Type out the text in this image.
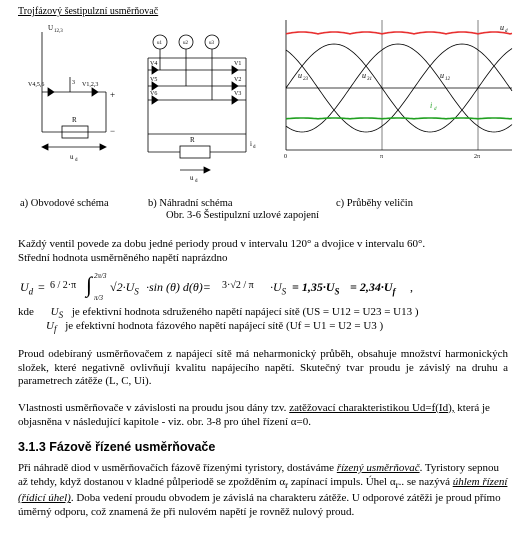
Trojfázový šestipulzní usměrňovač
U 12,3
3
V4,5,6	V1,2,3
+
−
R
u d
u1	u2	u3
V4	V1
V5	V2
V6	V3
R	i d
u d
u d
u 23	u 31	u 12
i d
0	π	2π
a) Obvodové schéma	b) Náhradní schéma	c) Průběhy veličin
Obr. 3-6 Šestipulzní uzlové zapojení
Každý ventil povede za dobu jedné periody proud v intervalu 120° a dvojice v intervalu 60°.
Střední hodnota usměrněného napětí naprázdno
$U_d = 6 / 2\cdot\pi$
2π/3
π/3
∫ $√2\cdot U_S \cdot\sin$ (θ) $d(\theta)= 3\cdot√2 / \pi \cdot U_S = 1,35\cdot U_S = 2,34\cdot U_f$ ,
kde $U_S$ je efektivní hodnota sdruženého napětí napájecí sítě (US = U12 = U23 = U13 )
$U_f$ je efektivní hodnota fázového napětí napájecí sítě (Uf = U1 = U2 = U3 )
Proud odebíraný usměrňovačem z napájecí sítě má neharmonický průběh, obsahuje množství harmonických složek, které negativně ovlivňují kvalitu napájecího napětí. Skutečný tvar proudu je závislý na druhu a parametrech zátěže (L, C, Ui).
Vlastnosti usměrňovače v závislosti na proudu jsou dány tzv. zatěžovací charakteristikou Ud=f(Id), která je objasněna v následující kapitole - viz. obr. 3-8 pro úhel řízení α=0.
3.1.3 Fázově řízené usměrňovače
Při náhradě diod v usměrňovačích fázově řízenými tyristory, dostáváme řízený usměrňovač. Tyristory sepnou až tehdy, když dostanou v kladné půlperiodě se zpožděním $\alpha_r$ zapínací impuls. Úhel $\alpha_r$.. se nazývá úhlem řízení (řídicí úhel). Doba vedení proudu obvodem je závislá na charakteru zátěže. U odporové zátěži je proud přímo úměrný odporu, což znamená že při nulovém napětí je rovněž nulový proud.
